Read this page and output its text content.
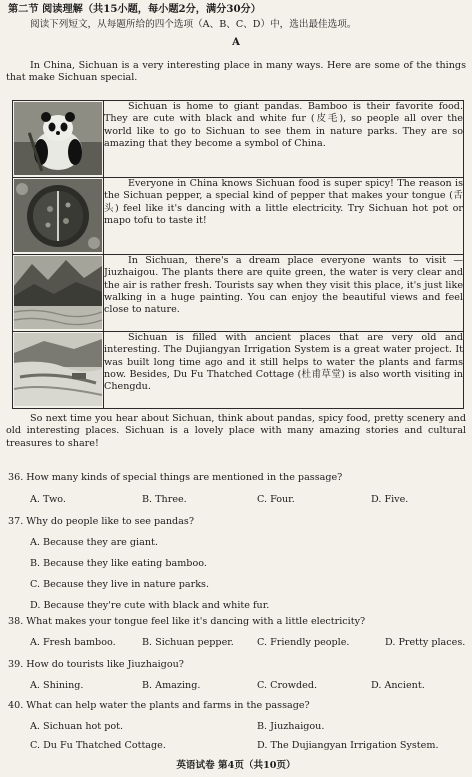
第二节 阅读理解（共15小题，每小题2分，满分30分）
阅读下列短文，从每题所给的四个选项（A、B、C、D）中，选出最佳选项。
A
In China, Sichuan is a very interesting place in many ways. Here are some of the things that make Sichuan special.
	Sichuan is home to giant pandas. Bamboo is their favorite food. They are cute with black and white fur (皮毛), so people all over the world like to go to Sichuan to see them in nature parks. They are so amazing that they become a symbol of China.

	Everyone in China knows Sichuan food is super spicy! The reason is the Sichuan pepper, a special kind of pepper that makes your tongue (舌头) feel like it's dancing with a little electricity. Try Sichuan hot pot or mapo tofu to taste it!

	In Sichuan, there's a dream place everyone wants to visit — Jiuzhaigou. The plants there are quite green, the water is very clear and the air is rather fresh. Tourists say when they visit this place, it's just like walking in a huge painting. You can enjoy the beautiful views and feel close to nature.

	Sichuan is filled with ancient places that are very old and interesting. The Dujiangyan Irrigation System is a great water project. It was built long time ago and it still helps to water the plants and farms now. Besides, Du Fu Thatched Cottage (杜甫草堂) is also worth visiting in Chengdu.
So next time you hear about Sichuan, think about pandas, spicy food, pretty scenery and old interesting places. Sichuan is a lovely place with many amazing stories and cultural treasures to share!
36. How many kinds of special things are mentioned in the passage?
A. Two.	B. Three.	C. Four.	D. Five.
37. Why do people like to see pandas?
A. Because they are giant.
B. Because they like eating bamboo.
C. Because they live in nature parks.
D. Because they're cute with black and white fur.
38. What makes your tongue feel like it's dancing with a little electricity?
A. Fresh bamboo.	B. Sichuan pepper. C. Friendly people.	D. Pretty places.
39. How do tourists like Jiuzhaigou?
A. Shining.	B. Amazing.	C. Crowded.	D. Ancient.
40. What can help water the plants and farms in the passage?
A. Sichuan hot pot.	B. Jiuzhaigou.
C. Du Fu Thatched Cottage.	D. The Dujiangyan Irrigation System.
英语试卷 第4页（共10页）
